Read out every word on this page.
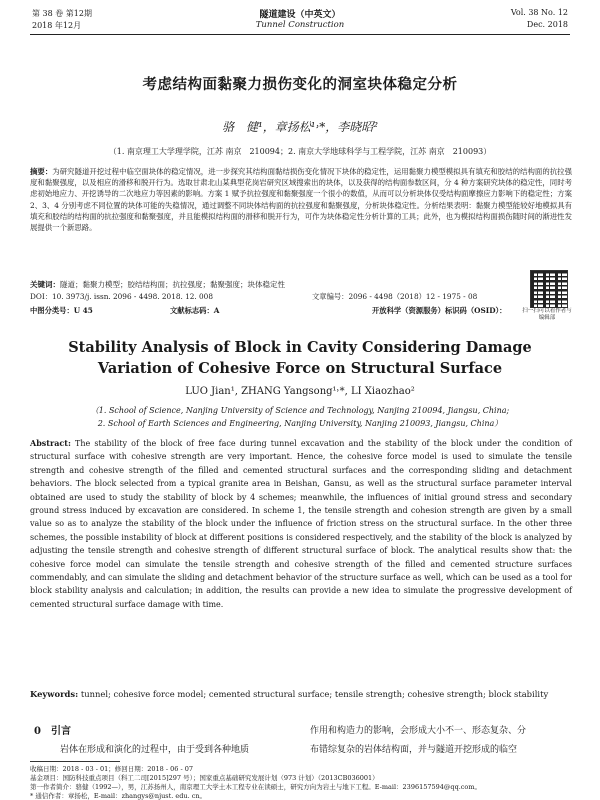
第 38 卷 第12期
2018 年12月
隧道建设（中英文）
Tunnel Construction
Vol. 38 No. 12
Dec. 2018
考虑结构面黏聚力损伤变化的洞室块体稳定分析
骆　健¹，章扬松¹˒*，李晓昭²
（1. 南京理工大学理学院，江苏 南京　210094；2. 南京大学地球科学与工程学院，江苏 南京　210093）
摘要：为研究隧道开挖过程中临空面块体的稳定情况，进一步探究其结构面黏结损伤变化情况下块体的稳定性，运用黏聚力模型模拟具有填充和胶结的结构面的抗拉强度和黏聚强度，以及相应的滑移和脱开行为。选取甘肃北山某典型花岗岩研究区域搜索出的块体，以及获得的结构面参数区间，分 4 种方案研究块体的稳定性，同时考虑初始地应力、开挖诱导的二次地应力等因素的影响。方案 1 赋予抗拉强度和黏聚强度一个很小的数值，从而可以分析块体仅受结构面摩擦应力影响下的稳定性；方案 2、3、4 分别考虑不同位置的块体可能的失稳情况，通过调整不同块体结构面的抗拉强度和黏聚强度，分析块体稳定性。分析结果表明：黏聚力模型能较好地模拟具有填充和胶结的结构面的抗拉强度和黏聚强度，并且能模拟结构面的滑移和脱开行为，可作为块体稳定性分析计算的工具；此外，也为模拟结构面损伤随时间的渐进性发展提供一个新思路。
关键词：隧道；黏聚力模型；胶结结构面；抗拉强度；黏聚强度；块体稳定性
DOI：10. 3973/j. issn. 2096 - 4498. 2018. 12. 008	文章编号：2096 - 4498（2018）12 - 1975 - 08
中图分类号：U 45	文献标志码：A	开放科学（资源服务）标识码（OSID）：	扫一扫可以看作者与编辑部
Stability Analysis of Block in Cavity Considering Damage Variation of Cohesive Force on Structural Surface
LUO Jian¹, ZHANG Yangsong¹˒*, LI Xiaozhao²
（1. School of Science, Nanjing University of Science and Technology, Nanjing 210094, Jiangsu, China;
2. School of Earth Sciences and Engineering, Nanjing University, Nanjing 210093, Jiangsu, China）
Abstract: The stability of the block of free face during tunnel excavation and the stability of the block under the condition of structural surface with cohesive strength are very important. Hence, the cohesive force model is used to simulate the tensile strength and cohesive strength of the filled and cemented structural surfaces and the corresponding sliding and detachment behaviors. The block selected from a typical granite area in Beishan, Gansu, as well as the structural surface parameter interval obtained are used to study the stability of block by 4 schemes; meanwhile, the influences of initial ground stress and secondary ground stress induced by excavation are considered. In scheme 1, the tensile strength and cohesion strength are given by a small value so as to analyze the stability of the block under the influence of friction stress on the structural surface. In the other three schemes, the possible instability of block at different positions is considered respectively, and the stability of the block is analyzed by adjusting the tensile strength and cohesive strength of different structural surface of block. The analytical results show that: the cohesive force model can simulate the tensile strength and cohesive strength of the filled and cemented structure surfaces commendably, and can simulate the sliding and detachment behavior of the structure surface as well, which can be used as a tool for block stability analysis and calculation; in addition, the results can provide a new idea to simulate the progressive development of cemented structural surface damage with time.
Keywords: tunnel; cohesive force model; cemented structural surface; tensile strength; cohesive strength; block stability
0　引言
岩体在形成和演化的过程中，由于受到各种地质
作用和构造力的影响，会形成大小不一、形态复杂、分
布错综复杂的岩体结构面，并与隧道开挖形成的临空
收稿日期：2018 - 03 - 01；修回日期：2018 - 06 - 07
基金项目：国防科技重点项目（科工二司[2015]297 号）；国家重点基础研究发展计划（973 计划）（2013CB036001）
第一作者简介：骆健（1992—），男，江苏扬州人，南京理工大学土木工程专业在读硕士，研究方向为岩土与地下工程。E-mail：2396157594@qq.com。
* 通信作者：章扬松，E-mail：zhangys@njust. edu. cn。
